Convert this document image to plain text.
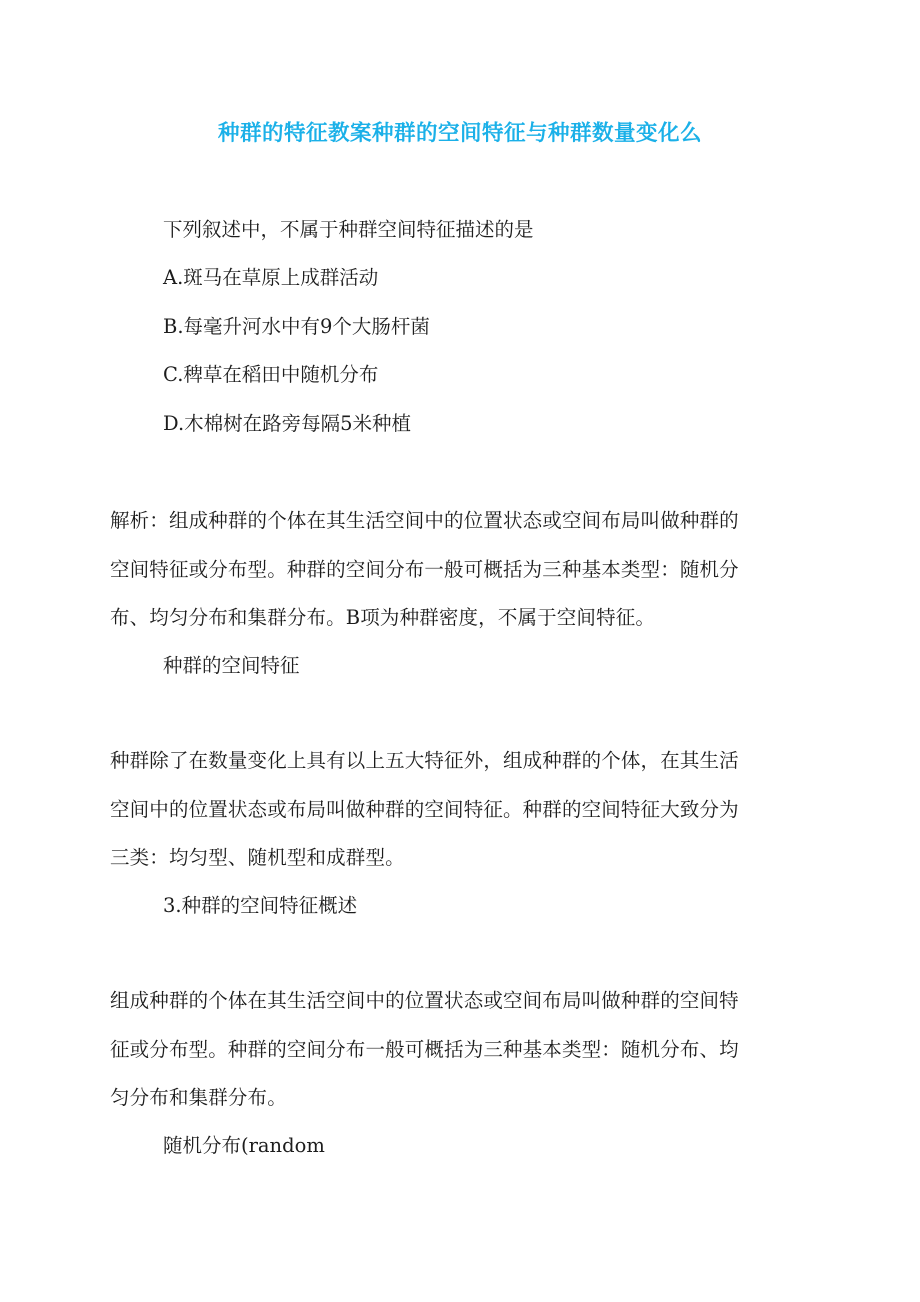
种群的特征教案种群的空间特征与种群数量变化么
下列叙述中，不属于种群空间特征描述的是
A.斑马在草原上成群活动
B.每毫升河水中有9个大肠杆菌
C.稗草在稻田中随机分布
D.木棉树在路旁每隔5米种植
解析：组成种群的个体在其生活空间中的位置状态或空间布局叫做种群的
空间特征或分布型。种群的空间分布一般可概括为三种基本类型：随机分
布、均匀分布和集群分布。B项为种群密度，不属于空间特征。
种群的空间特征
种群除了在数量变化上具有以上五大特征外，组成种群的个体，在其生活
空间中的位置状态或布局叫做种群的空间特征。种群的空间特征大致分为
三类：均匀型、随机型和成群型。
3.种群的空间特征概述
组成种群的个体在其生活空间中的位置状态或空间布局叫做种群的空间特
征或分布型。种群的空间分布一般可概括为三种基本类型：随机分布、均
匀分布和集群分布。
随机分布(random
